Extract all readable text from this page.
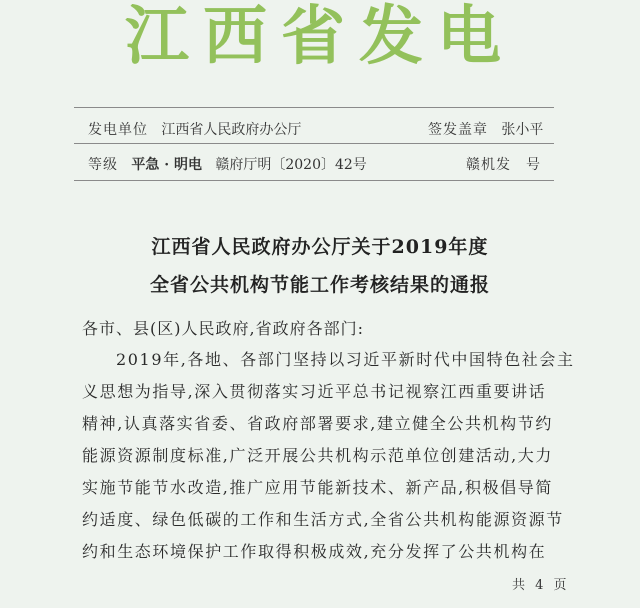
江西省发电
发电单位 江西省人民政府办公厅	签发盖章 张小平
等级 平急 · 明电 赣府厅明〔2020〕42号	赣机发　号
江西省人民政府办公厅关于2019年度
全省公共机构节能工作考核结果的通报
各市、县(区)人民政府,省政府各部门:
2019年,各地、各部门坚持以习近平新时代中国特色社会主
义思想为指导,深入贯彻落实习近平总书记视察江西重要讲话
精神,认真落实省委、省政府部署要求,建立健全公共机构节约
能源资源制度标准,广泛开展公共机构示范单位创建活动,大力
实施节能节水改造,推广应用节能新技术、新产品,积极倡导简
约适度、绿色低碳的工作和生活方式,全省公共机构能源资源节
约和生态环境保护工作取得积极成效,充分发挥了公共机构在
共 4 页
